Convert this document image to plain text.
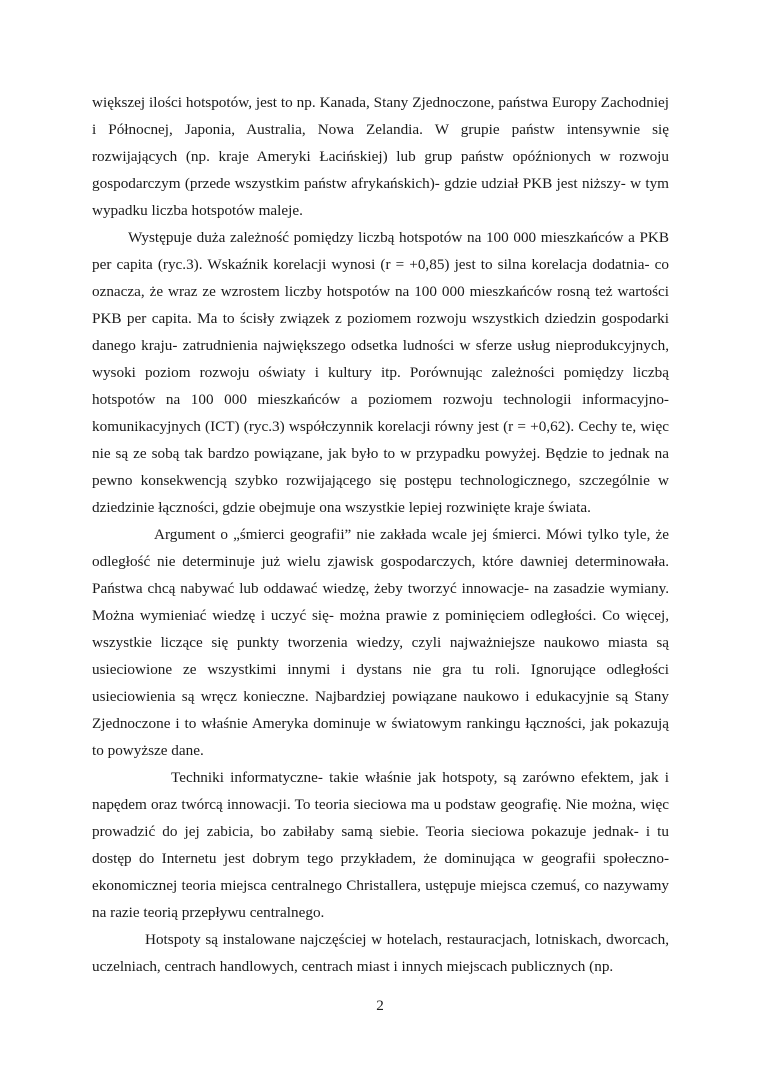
większej ilości hotspotów, jest to np. Kanada, Stany Zjednoczone, państwa Europy Zachodniej i Północnej, Japonia, Australia, Nowa Zelandia. W grupie państw intensywnie się rozwijających (np. kraje Ameryki Łacińskiej) lub grup państw opóźnionych w rozwoju gospodarczym (przede wszystkim państw afrykańskich)- gdzie udział PKB jest niższy- w tym wypadku liczba hotspotów maleje.

Występuje duża zależność pomiędzy liczbą hotspotów na 100 000 mieszkańców a PKB per capita (ryc.3). Wskaźnik korelacji wynosi (r = +0,85) jest to silna korelacja dodatnia- co oznacza, że wraz ze wzrostem liczby hotspotów na 100 000 mieszkańców rosną też wartości PKB per capita. Ma to ścisły związek z poziomem rozwoju wszystkich dziedzin gospodarki danego kraju- zatrudnienia największego odsetka ludności w sferze usług nieprodukcyjnych, wysoki poziom rozwoju oświaty i kultury itp. Porównując zależności pomiędzy liczbą hotspotów na 100 000 mieszkańców a poziomem rozwoju technologii informacyjno-komunikacyjnych (ICT) (ryc.3) współczynnik korelacji równy jest (r = +0,62). Cechy te, więc nie są ze sobą tak bardzo powiązane, jak było to w przypadku powyżej. Będzie to jednak na pewno konsekwencją szybko rozwijającego się postępu technologicznego, szczególnie w dziedzinie łączności, gdzie obejmuje ona wszystkie lepiej rozwinięte kraje świata.

Argument o „śmierci geografii” nie zakłada wcale jej śmierci. Mówi tylko tyle, że odległość nie determinuje już wielu zjawisk gospodarczych, które dawniej determinowała. Państwa chcą nabywać lub oddawać wiedzę, żeby tworzyć innowacje- na zasadzie wymiany. Można wymieniać wiedzę i uczyć się- można prawie z pominięciem odległości. Co więcej, wszystkie liczące się punkty tworzenia wiedzy, czyli najważniejsze naukowo miasta są usieciowione ze wszystkimi innymi i dystans nie gra tu roli. Ignorujące odległości usieciowienia są wręcz konieczne. Najbardziej powiązane naukowo i edukacyjnie są Stany Zjednoczone i to właśnie Ameryka dominuje w światowym rankingu łączności, jak pokazują to powyższe dane.

Techniki informatyczne- takie właśnie jak hotspoty, są zarówno efektem, jak i napędem oraz twórcą innowacji. To teoria sieciowa ma u podstaw geografię. Nie można, więc prowadzić do jej zabicia, bo zabiłaby samą siebie. Teoria sieciowa pokazuje jednak- i tu dostęp do Internetu jest dobrym tego przykładem, że dominująca w geografii społeczno-ekonomicznej teoria miejsca centralnego Christallera, ustępuje miejsca czemuś, co nazywamy na razie teorią przepływu centralnego.

Hotspoty są instalowane najczęściej w hotelach, restauracjach, lotniskach, dworcach, uczelniach, centrach handlowych, centrach miast i innych miejscach publicznych (np.

2
